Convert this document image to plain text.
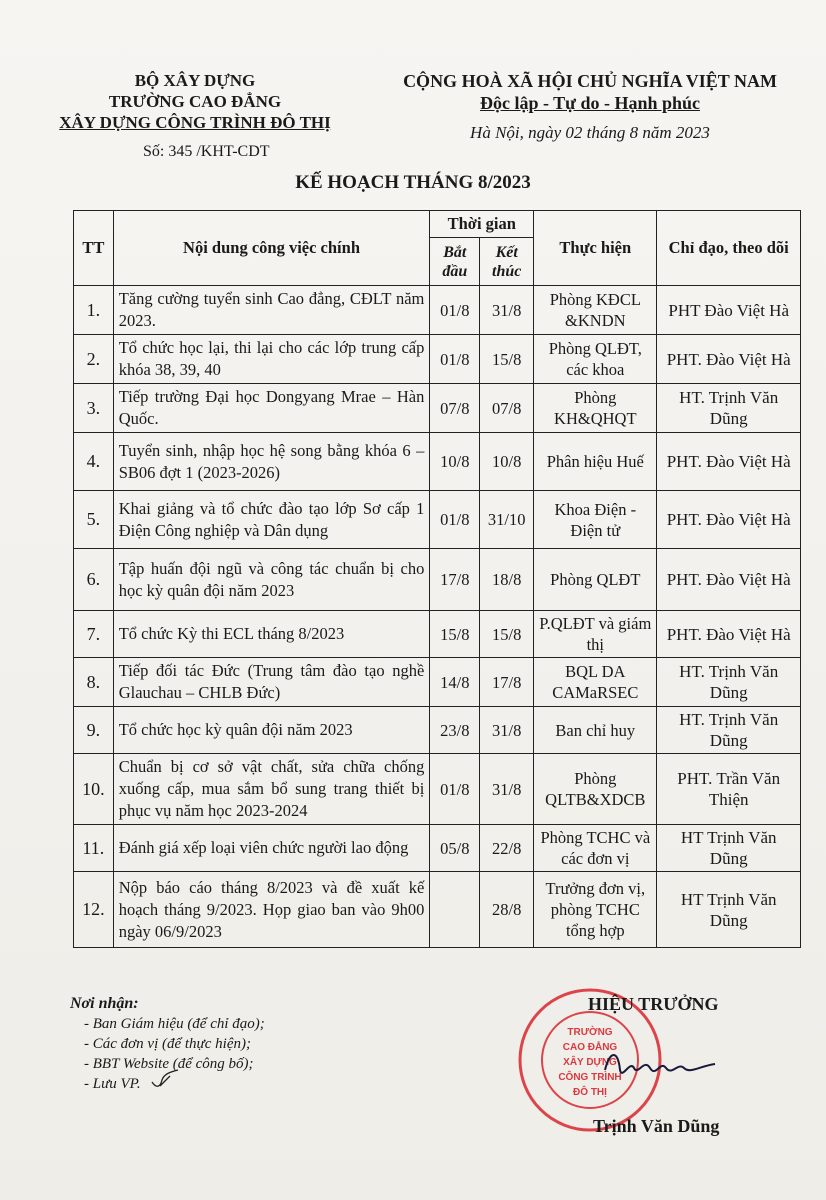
BỘ XÂY DỰNG
TRƯỜNG CAO ĐẲNG
XÂY DỰNG CÔNG TRÌNH ĐÔ THỊ
Số: 345 /KHT-CDT
CỘNG HOÀ XÃ HỘI CHỦ NGHĨA VIỆT NAM
Độc lập - Tự do - Hạnh phúc
Hà Nội, ngày 02 tháng 8 năm 2023
KẾ HOẠCH THÁNG 8/2023
TT	Nội dung công việc chính	Thời gian		Thực hiện	Chỉ đạo, theo dõi
		Bắt đầu	Kết thúc		
1.	Tăng cường tuyển sinh Cao đẳng, CĐLT năm 2023.	01/8	31/8	Phòng KĐCL &KNDN	PHT Đào Việt Hà
2.	Tổ chức học lại, thi lại cho các lớp trung cấp khóa 38, 39, 40	01/8	15/8	Phòng QLĐT, các khoa	PHT. Đào Việt Hà
3.	Tiếp trường Đại học Dongyang Mrae – Hàn Quốc.	07/8	07/8	Phòng KH&QHQT	HT. Trịnh Văn Dũng
4.	Tuyển sinh, nhập học hệ song bằng khóa 6 – SB06 đợt 1 (2023-2026)	10/8	10/8	Phân hiệu Huế	PHT. Đào Việt Hà
5.	Khai giảng và tổ chức đào tạo lớp Sơ cấp 1 Điện Công nghiệp và Dân dụng	01/8	31/10	Khoa Điện - Điện tử	PHT. Đào Việt Hà
6.	Tập huấn đội ngũ và công tác chuẩn bị cho học kỳ quân đội năm 2023	17/8	18/8	Phòng QLĐT	PHT. Đào Việt Hà
7.	Tổ chức Kỳ thi ECL tháng 8/2023	15/8	15/8	P.QLĐT và giám thị	PHT. Đào Việt Hà
8.	Tiếp đối tác Đức (Trung tâm đào tạo nghề Glauchau – CHLB Đức)	14/8	17/8	BQL DA CAMaRSEC	HT. Trịnh Văn Dũng
9.	Tổ chức học kỳ quân đội năm 2023	23/8	31/8	Ban chỉ huy	HT. Trịnh Văn Dũng
10.	Chuẩn bị cơ sở vật chất, sửa chữa chống xuống cấp, mua sắm bổ sung trang thiết bị phục vụ năm học 2023-2024	01/8	31/8	Phòng QLTB&XDCB	PHT. Trần Văn Thiện
11.	Đánh giá xếp loại viên chức người lao động	05/8	22/8	Phòng TCHC và các đơn vị	HT Trịnh Văn Dũng
12.	Nộp báo cáo tháng 8/2023 và đề xuất kế hoạch tháng 9/2023. Họp giao ban vào 9h00 ngày 06/9/2023		28/8	Trưởng đơn vị, phòng TCHC tổng hợp	HT Trịnh Văn Dũng
Nơi nhận:
- Ban Giám hiệu (để chỉ đạo);
- Các đơn vị (để thực hiện);
- BBT Website (để công bố);
- Lưu VP.
TRƯỜNG
CAO ĐẲNG
XÂY DỰNG
CÔNG TRÌNH
ĐÔ THỊ
HIỆU TRƯỞNG
Trịnh Văn Dũng
